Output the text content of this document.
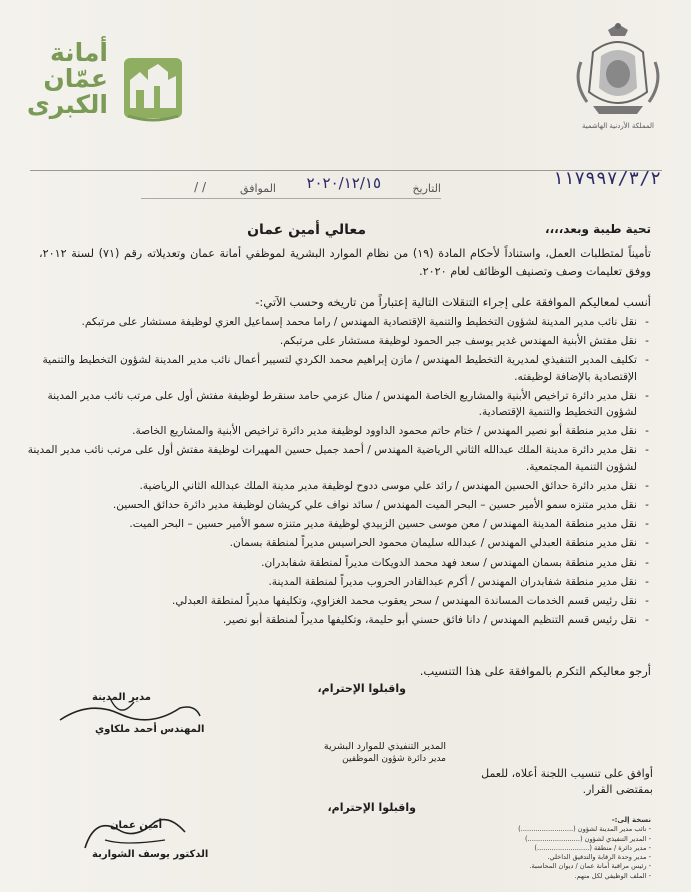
أمانة عمّان الكبرى
المملكة الأردنية الهاشمية
١١٧٩٩٧/٣/٢
التاريخ
٢٠٢٠/١٢/١٥
الموافق
/ /
تحية طيبة وبعد،،،،
معالي أمين عمان
تأميناً لمتطلبات العمل، واستناداً لأحكام المادة (١٩) من نظام الموارد البشرية لموظفي أمانة عمان وتعديلاته رقم (٧١) لسنة ٢٠١٢، ووفق تعليمات وصف وتصنيف الوظائف لعام ٢٠٢٠.
أنسب لمعاليكم الموافقة على إجراء التنقلات التالية إعتباراً من تاريخه وحسب الآتي:-
- نقل نائب مدير المدينة لشؤون التخطيط والتنمية الإقتصادية المهندس / راما محمد إسماعيل العزي لوظيفة مستشار على مرتبكم.
- نقل مفتش الأبنية المهندس غدير يوسف جبر الحمود لوظيفة مستشار على مرتبكم.
- تكليف المدير التنفيذي لمديرية التخطيط المهندس / مازن إبراهيم محمد الكردي لتسيير أعمال نائب مدير المدينة لشؤون التخطيط والتنمية الإقتصادية بالإضافة لوظيفته.
- نقل مدير دائرة تراخيص الأبنية والمشاريع الخاصة المهندس / منال عزمي حامد سنقرط لوظيفة مفتش أول على مرتب نائب مدير المدينة لشؤون التخطيط والتنمية الإقتصادية.
- نقل مدير منطقة أبو نصير المهندس / ختام حاتم محمود الداوود لوظيفة مدير دائرة تراخيص الأبنية والمشاريع الخاصة.
- نقل مدير دائرة مدينة الملك عبدالله الثاني الرياضية المهندس / أحمد جميل حسين المهيرات لوظيفة مفتش أول على مرتب نائب مدير المدينة لشؤون التنمية المجتمعية.
- نقل مدير دائرة حدائق الحسين المهندس / رائد علي موسى ددوح لوظيفة مدير مدينة الملك عبدالله الثاني الرياضية.
- نقل مدير متنزه سمو الأمير حسين – البحر الميت المهندس / سائد نواف علي كريشان لوظيفة مدير دائرة حدائق الحسين.
- نقل مدير منطقة المدينة المهندس / معن موسى حسين الزبيدي لوظيفة مدير متنزه سمو الأمير حسين – البحر الميت.
- نقل مدير منطقة العبدلي المهندس / عبدالله سليمان محمود الحراسيس مديراً لمنطقة بسمان.
- نقل مدير منطقة بسمان المهندس / سعد فهد محمد الدويكات مديراً لمنطقة شفابدران.
- نقل مدير منطقة شفابدران المهندس / أكرم عبدالقادر الحروب مديراً لمنطقة المدينة.
- نقل رئيس قسم الخدمات المساندة المهندس / سحر يعقوب محمد الغزاوي، وتكليفها مديراً لمنطقة العبدلي.
- نقل رئيس قسم التنظيم المهندس / دانا فائق حسني أبو حليمة، وتكليفها مديراً لمنطقة أبو نصير.
أرجو معاليكم التكرم بالموافقة على هذا التنسيب.
واقبلوا الإحترام،
مدير المدينة
المهندس أحمد ملكاوي
المدير التنفيذي للموارد البشرية
مدير دائرة شؤون الموظفين
أوافق على تنسيب اللجنة أعلاه، للعمل بمقتضى القرار.
واقبلوا الإحترام،
أمين عمان
الدكتور يوسف الشواربة
نسخة إلى:-
- نائب مدير المدينة لشؤون (.........................)
- المدير التنفيذي لشؤون (.........................)
- مدير دائرة / منطقة (.........................)
- مدير وحدة الرقابة والتدقيق الداخلي.
- رئيس مراقبة أمانة عمان / ديوان المحاسبة.
- الملف الوظيفي لكل منهم.
